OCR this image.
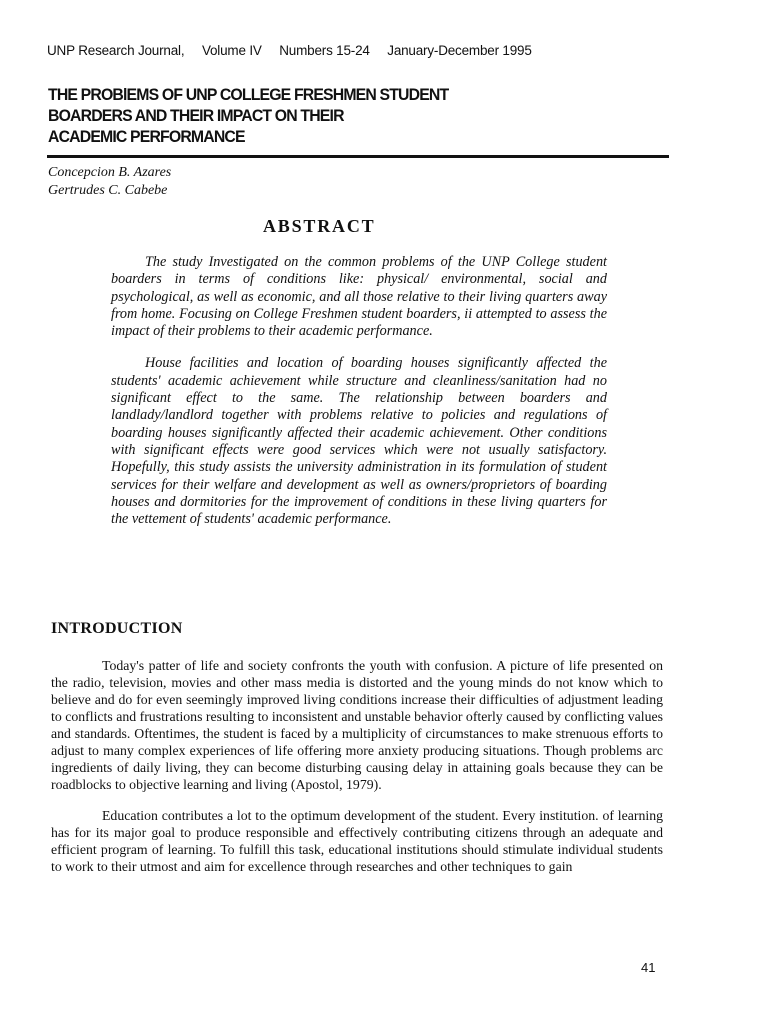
UNP Research Journal, Volume IV Numbers 15-24 January-December 1995
THE PROBlEMS OF UNP COLLEGE FRESHMEN STUDENT
BOARDERS AND THEIR IMPACT ON THEIR
ACADEMIC PERFORMANCE
Concepcion B. Azares
Gertrudes C. Cabebe
ABSTRACT

The study Investigated on the common problems of the UNP College student boarders in terms of conditions like: physical/ environmental, social and psychological, as well as economic, and all those relative to their living quarters away from home. Focusing on College Freshmen student boarders, ii attempted to assess the impact of their problems to their academic performance.

House facilities and location of boarding houses significantly affected the students' academic achievement while structure and cleanliness/sanitation had no significant effect to the same. The relationship between boarders and landlady/landlord together with problems relative to policies and regulations of boarding houses significantly affected their academic achievement. Other conditions with significant effects were good services which were not usually satisfactory. Hopefully, this study assists the university administration in its formulation of student services for their welfare and development as well as owners/proprietors of boarding houses and dormitories for the improvement of conditions in these living quarters for the vettement of students' academic performance.

INTRODUCTION

Today's patter of life and society confronts the youth with confusion. A picture of life presented on the radio, television, movies and other mass media is distorted and the young minds do not know which to believe and do for even seemingly improved living conditions increase their difficulties of adjustment leading to conflicts and frustrations resulting to inconsistent and unstable behavior ofterly caused by conflicting values and standards. Oftentimes, the student is faced by a multiplicity of circumstances to make strenuous efforts to adjust to many complex experiences of life offering more anxiety producing situations. Though problems arc ingredients of daily living, they can become disturbing causing delay in attaining goals because they can be roadblocks to objective learning and living (Apostol, 1979).

Education contributes a lot to the optimum development of the student. Every institution. of learning has for its major goal to produce responsible and effectively contributing citizens through an adequate and efficient program of learning. To fulfill this task, educational institutions should stimulate individual students to work to their utmost and aim for excellence through researches and other techniques to gain

41
